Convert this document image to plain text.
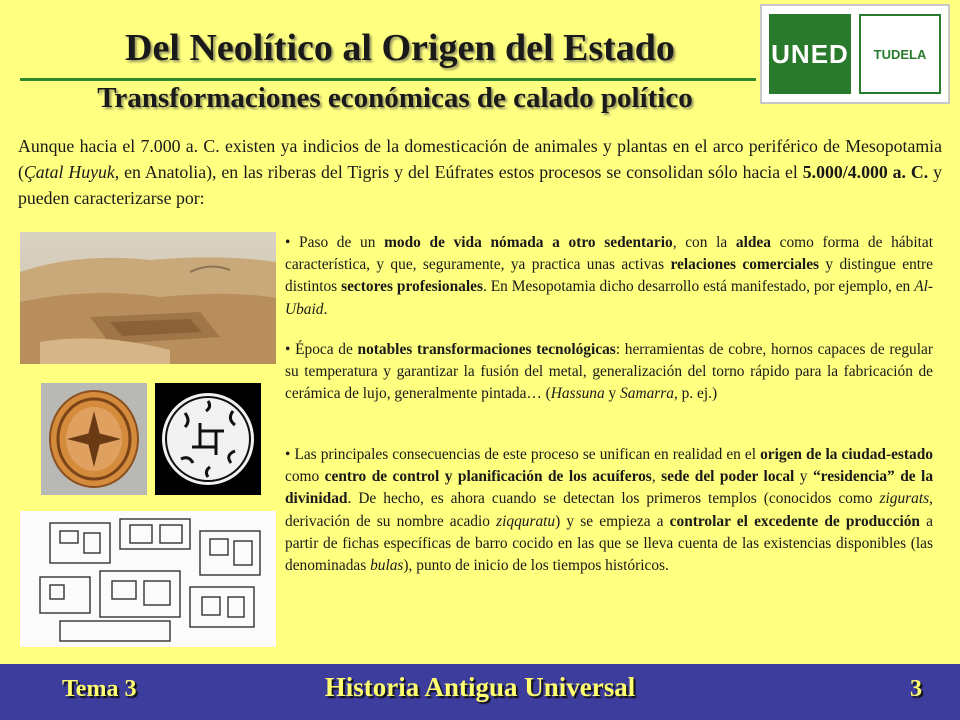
Del Neolítico al Origen del Estado
Transformaciones económicas de calado político
UNED	TUDELA
Aunque hacia el 7.000 a. C. existen ya indicios de la domesticación de animales y plantas en el arco periférico de Mesopotamia (Çatal Huyuk, en Anatolia), en las riberas del Tigris y del Eúfrates estos procesos se consolidan sólo hacia el 5.000/4.000 a. C. y pueden caracterizarse por:
• Paso de un modo de vida nómada a otro sedentario, con la aldea como forma de hábitat característica, y que, seguramente, ya practica unas activas relaciones comerciales y distingue entre distintos sectores profesionales. En Mesopotamia dicho desarrollo está manifestado, por ejemplo, en Al-Ubaid.
• Época de notables transformaciones tecnológicas: herramientas de cobre, hornos capaces de regular su temperatura y garantizar la fusión del metal, generalización del torno rápido para la fabricación de cerámica de lujo, generalmente pintada… (Hassuna y Samarra, p. ej.)
• Las principales consecuencias de este proceso se unifican en realidad en el origen de la ciudad-estado como centro de control y planificación de los acuíferos, sede del poder local y “residencia” de la divinidad. De hecho, es ahora cuando se detectan los primeros templos (conocidos como zigurats, derivación de su nombre acadio ziqquratu) y se empieza a controlar el excedente de producción a partir de fichas específicas de barro cocido en las que se lleva cuenta de las existencias disponibles (las denominadas bulas), punto de inicio de los tiempos históricos.
Tema 3	Historia Antigua Universal	3
